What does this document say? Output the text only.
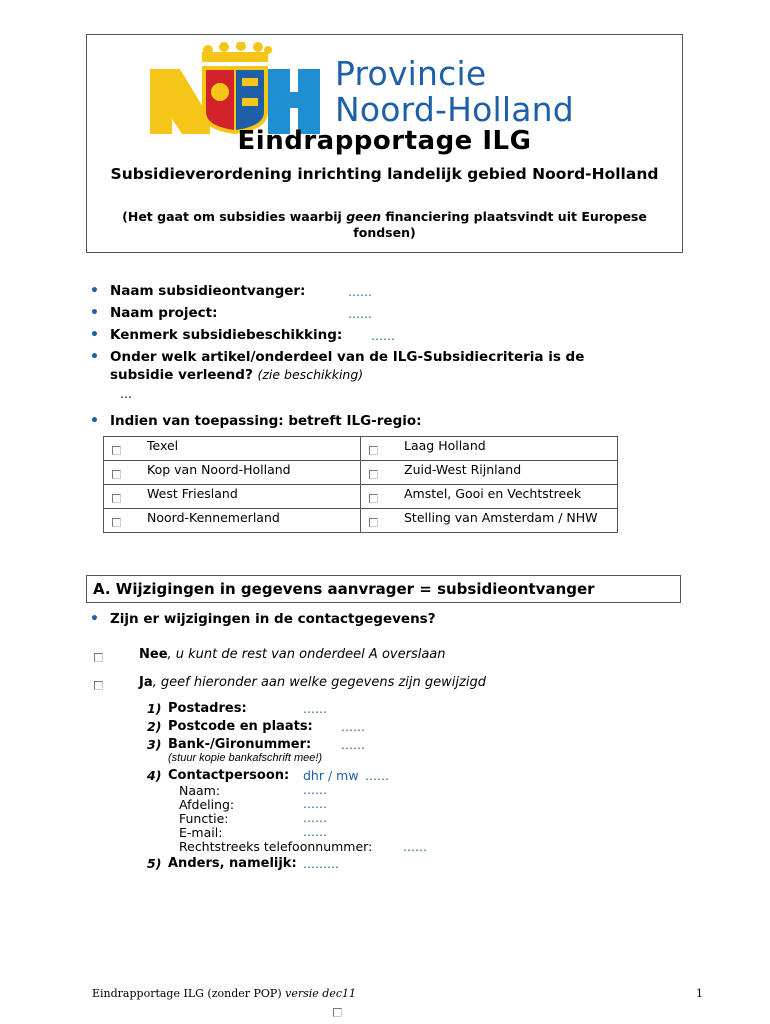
Provincie
Noord-Holland
Eindrapportage ILG
Subsidieverordening inrichting landelijk gebied Noord-Holland
(Het gaat om subsidies waarbij geen financiering plaatsvindt uit Europese fondsen)
• Naam subsidieontvanger:	……
• Naam project:	……
• Kenmerk subsidiebeschikking: ……
• Onder welk artikel/onderdeel van de ILG-Subsidiecriteria is de subsidie verleend? (zie beschikking)
…
• Indien van toepassing: betreft ILG-regio:
Texel	Laag Holland

Kop van Noord-Holland	Zuid-West Rijnland

West Friesland	Amstel, Gooi en Vechtstreek

Noord-Kennemerland	Stelling van Amsterdam / NHW
A. Wijzigingen in gegevens aanvrager = subsidieontvanger
• Zijn er wijzigingen in de contactgegevens?
Nee, u kunt de rest van onderdeel A overslaan
Ja, geef hieronder aan welke gegevens zijn gewijzigd
1) Postadres:	……
2) Postcode en plaats: ……
3) Bank-/Gironummer: ……
(stuur kopie bankafschrift mee!)
4) Contactpersoon: dhr / mw ……
Naam:	……
Afdeling:	……
Functie:	……
E-mail:	……
Rechtstreeks telefoonnummer:	……
5) Anders, namelijk: ………
Eindrapportage ILG (zonder POP) versie dec11	1
